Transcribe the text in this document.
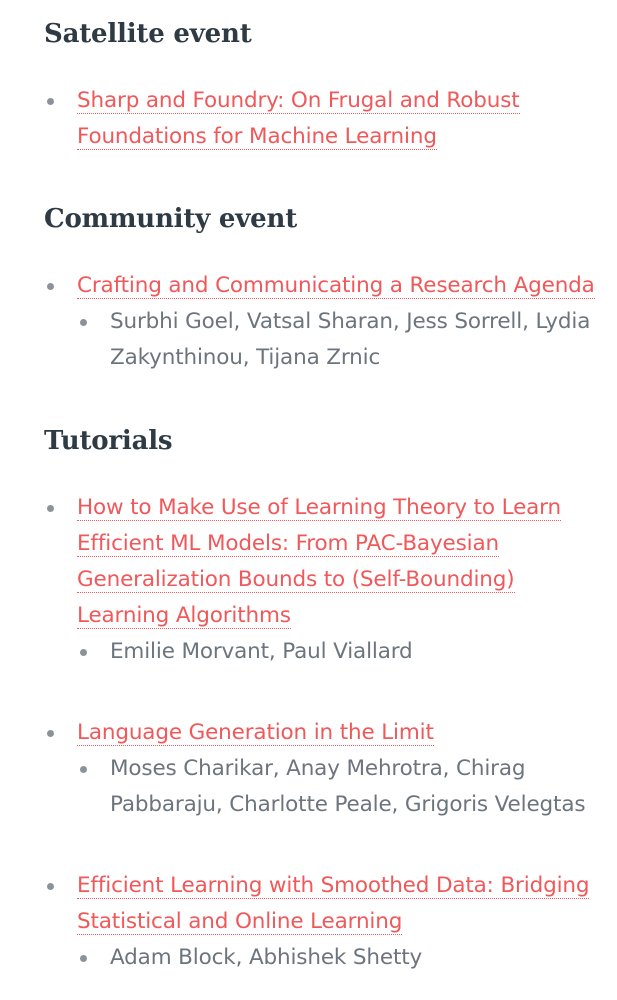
Satellite event
Sharp and Foundry: On Frugal and Robust Foundations for Machine Learning
Community event
Crafting and Communicating a Research Agenda
Surbhi Goel, Vatsal Sharan, Jess Sorrell, Lydia Zakynthinou, Tijana Zrnic
Tutorials
How to Make Use of Learning Theory to Learn Efficient ML Models: From PAC-Bayesian Generalization Bounds to (Self-Bounding) Learning Algorithms
Emilie Morvant, Paul Viallard
Language Generation in the Limit
Moses Charikar, Anay Mehrotra, Chirag Pabbaraju, Charlotte Peale, Grigoris Velegtas
Efficient Learning with Smoothed Data: Bridging Statistical and Online Learning
Adam Block, Abhishek Shetty
